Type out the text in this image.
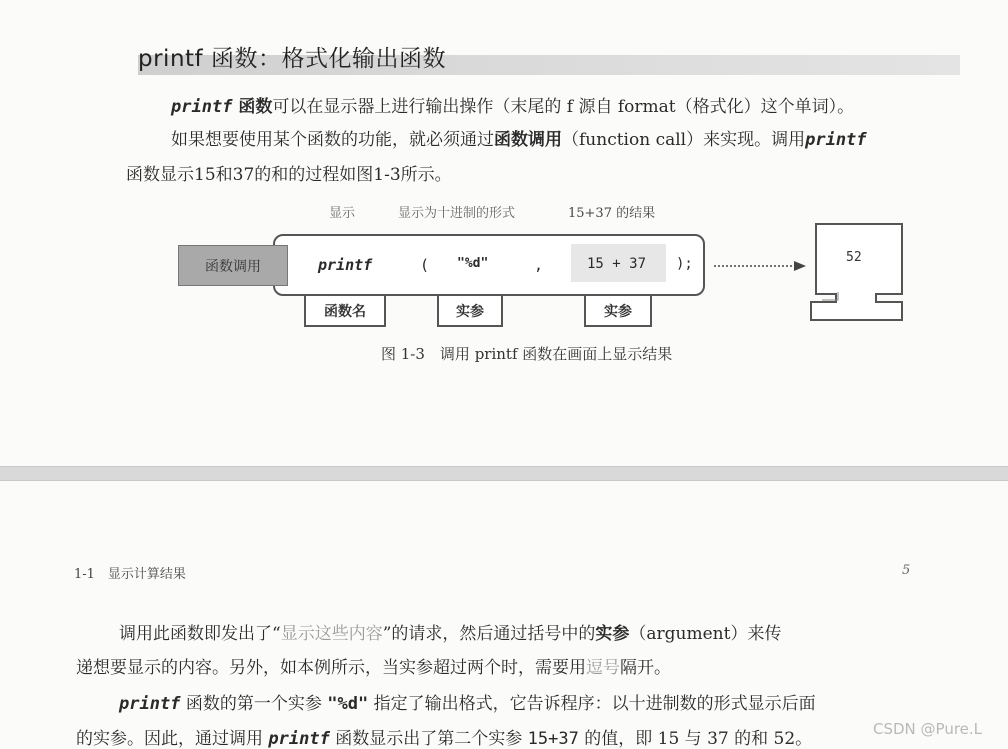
printf 函数：格式化输出函数

printf 函数可以在显示器上进行输出操作（末尾的 f 源自 format（格式化）这个单词）。

如果想要使用某个函数的功能，就必须通过函数调用（function call）来实现。调用printf

函数显示15和37的和的过程如图1-3所示。

显示	显示为十进制的形式	15+37 的结果
函数调用	printf	( "%d"	,	15 + 37 );
函数名	实参	实参
52
图 1-3　调用 printf 函数在画面上显示结果
1-1　显示计算结果	5

调用此函数即发出了“显示这些内容”的请求，然后通过括号中的实参（argument）来传

递想要显示的内容。另外，如本例所示，当实参超过两个时，需要用逗号隔开。

printf 函数的第一个实参 "%d" 指定了输出格式，它告诉程序：以十进制数的形式显示后面

的实参。因此，通过调用 printf 函数显示出了第二个实参 15+37 的值，即 15 与 37 的和 52。	CSDN @Pure.L
